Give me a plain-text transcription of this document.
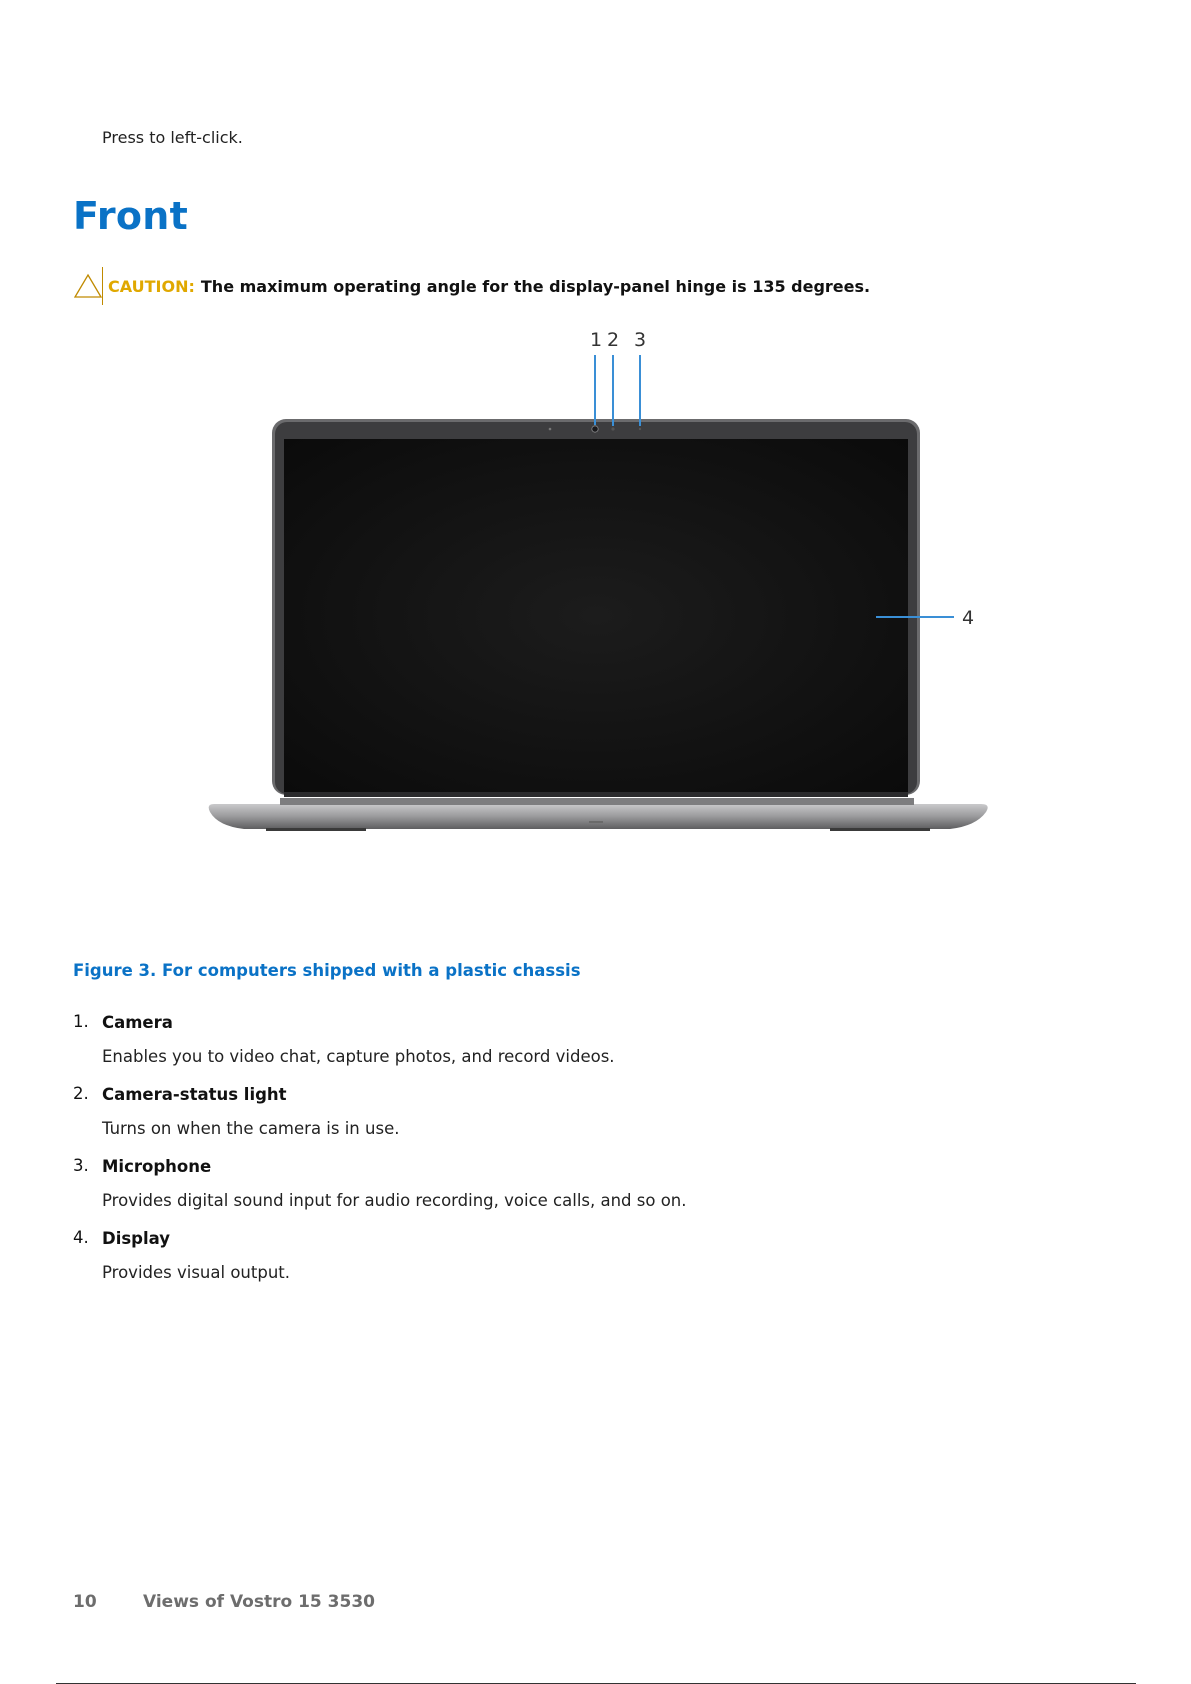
Press to left-click.
Front
CAUTION: The maximum operating angle for the display-panel hinge is 135 degrees.
1 2 3
4
Figure 3. For computers shipped with a plastic chassis
1. Camera
Enables you to video chat, capture photos, and record videos.
2. Camera-status light
Turns on when the camera is in use.
3. Microphone
Provides digital sound input for audio recording, voice calls, and so on.
4. Display
Provides visual output.
10	Views of Vostro 15 3530
